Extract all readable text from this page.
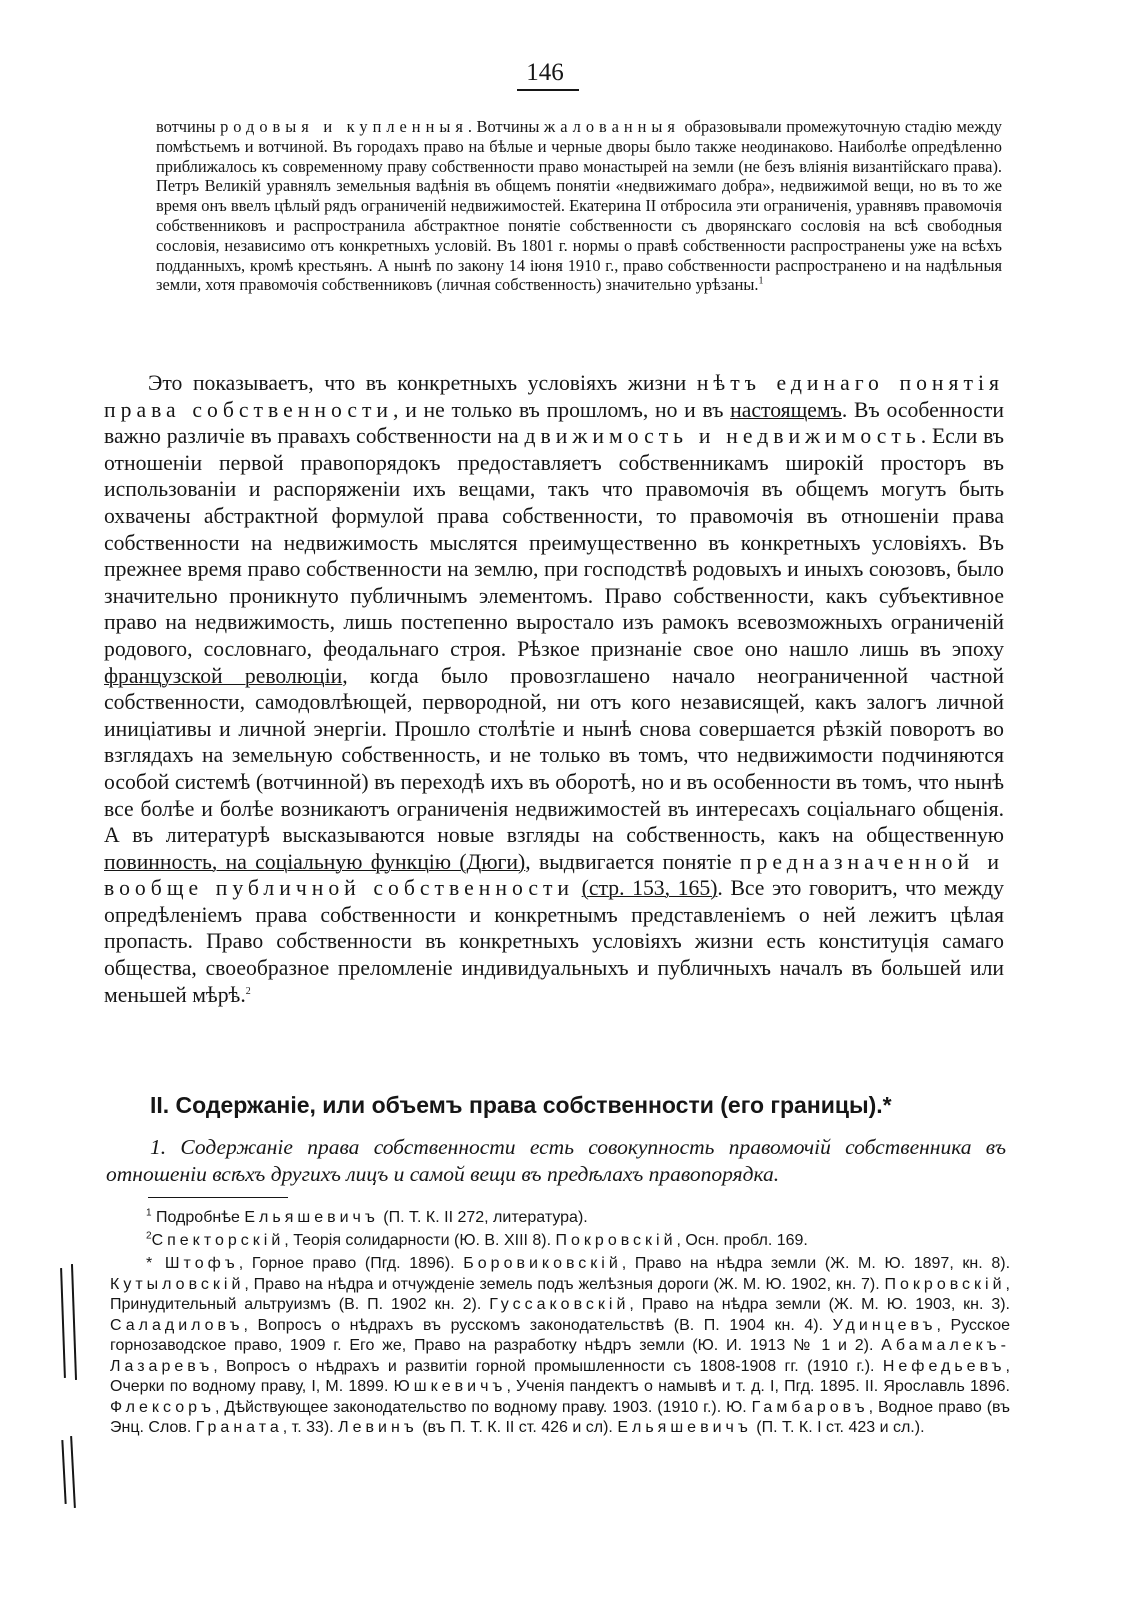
146

вотчины родовыя и купленныя. Вотчины жалованныя образовывали промежуточную стадію между помѣстьемъ и вотчиной. Въ городахъ право на бѣлые и черные дворы было также неодинаково. Наиболѣе опредѣленно приближалось къ современному праву собственности право монастырей на земли (не безъ вліянія византійскаго права). Петръ Великій уравнялъ земельныя вадѣнія въ общемъ понятіи «недвижимаго добра», недвижимой вещи, но въ то же время онъ ввелъ цѣлый рядъ ограниченій недвижимостей. Екатерина II отбросила эти ограниченія, уравнявъ правомочія собственниковъ и распространила абстрактное понятіе собственности съ дворянскаго сословія на всѣ свободныя сословія, независимо отъ конкретныхъ условій. Въ 1801 г. нормы о правѣ собственности распространены уже на всѣхъ подданныхъ, кромѣ крестьянъ. А нынѣ по закону 14 іюня 1910 г., право собственности распространено и на надѣльныя земли, хотя правомочія собственниковъ (личная собственность) значительно урѣзаны.$^1$

Это показываетъ, что въ конкретныхъ условіяхъ жизни нѣтъ единаго понятія права собственности, и не только въ прошломъ, но и въ настоящемъ. Въ особенности важно различіе въ правахъ собственности на движимость и недвижимость. Если въ отношеніи первой правопорядокъ предоставляетъ собственникамъ широкій просторъ въ использованіи и распоряженіи ихъ вещами, такъ что правомочія въ общемъ могутъ быть охвачены абстрактной формулой права собственности, то правомочія въ отношеніи права собственности на недвижимость мыслятся преимущественно въ конкретныхъ условіяхъ. Въ прежнее время право собственности на землю, при господствѣ родовыхъ и иныхъ союзовъ, было значительно проникнуто публичнымъ элементомъ. Право собственности, какъ субъективное право на недвижимость, лишь постепенно выростало изъ рамокъ всевозможныхъ ограниченій родового, сословнаго, феодальнаго строя. Рѣзкое признаніе свое оно нашло лишь въ эпоху французской революціи, когда было провозглашено начало неограниченной частной собственности, самодовлѣющей, первородной, ни отъ кого независящей, какъ залогъ личной иниціативы и личной энергіи. Прошло столѣтіе и нынѣ снова совершается рѣзкій поворотъ во взглядахъ на земельную собственность, и не только въ томъ, что недвижимости подчиняются особой системѣ (вотчинной) въ переходѣ ихъ въ оборотѣ, но и въ особенности въ томъ, что нынѣ все болѣе и болѣе возникаютъ ограниченія недвижимостей въ интересахъ соціальнаго общенія. А въ литературѣ высказываются новые взгляды на собственность, какъ на общественную повинность, на соціальную функцію (Дюги), выдвигается понятіе предназначенной и вообще публичной собственности (стр. 153, 165). Все это говоритъ, что между опредѣленіемъ права собственности и конкретнымъ представленіемъ о ней лежитъ цѣлая пропасть. Право собственности въ конкретныхъ условіяхъ жизни есть конституція самаго общества, своеобразное преломленіе индивидуальныхъ и публичныхъ началъ въ большей или меньшей мѣрѣ.$^2$

II. Содержаніе, или объемъ права собственности (его границы).*

1. Содержаніе права собственности есть совокупность правомочій собственника въ отношеніи всѣхъ другихъ лицъ и самой вещи въ предѣлахъ правопорядка.

$^1$ Подробнѣе Ельяшевичъ (П. Т. К. II 272, литература).

$^2$Спекторскій, Теорія солидарности (Ю. В. XIII 8). Покровскій, Осн. пробл. 169.

* Штофъ, Горное право (Пгд. 1896). Боровиковскій, Право на нѣдра земли (Ж. М. Ю. 1897, кн. 8). Кутыловскій, Право на нѣдра и отчужденіе земель подъ желѣзныя дороги (Ж. М. Ю. 1902, кн. 7). Покровскій, Принудительный альтруизмъ (В. П. 1902 кн. 2). Гуссаковскій, Право на нѣдра земли (Ж. М. Ю. 1903, кн. 3). Саладиловъ, Вопросъ о нѣдрахъ въ русскомъ законодательствѣ (В. П. 1904 кн. 4). Удинцевъ, Русское горнозаводское право, 1909 г. Его же, Право на разработку нѣдръ земли (Ю. И. 1913 № 1 и 2). Абамалекъ-Лазаревъ, Вопросъ о нѣдрахъ и развитіи горной промышленности съ 1808-1908 гг. (1910 г.). Нефедьевъ, Очерки по водному праву, I, М. 1899. Юшкевичъ, Ученія пандектъ о намывѣ и т. д. I, Пгд. 1895. II. Ярославль 1896. Флексоръ, Дѣйствующее законодательство по водному праву. 1903. (1910 г.). Ю. Гамбаровъ, Водное право (въ Энц. Слов. Граната, т. 33). Левинъ (въ П. Т. К. II ст. 426 и сл). Ельяшевичъ (П. Т. К. I ст. 423 и сл.).
